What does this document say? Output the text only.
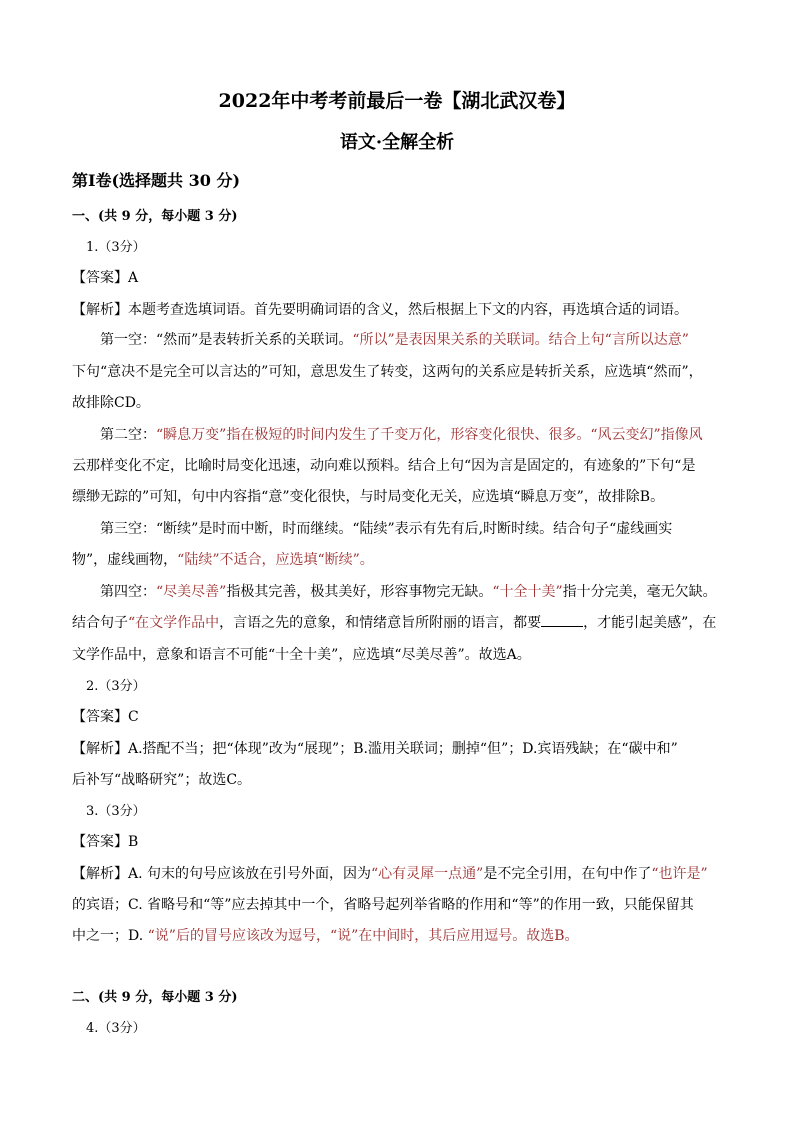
2022年中考考前最后一卷【湖北武汉卷】
语文·全解全析
第I卷(选择题共 30 分)
一、(共 9 分，每小题 3 分)
1.（3分）
【答案】A
【解析】本题考查选填词语。首先要明确词语的含义，然后根据上下文的内容，再选填合适的词语。
第一空：“然而”是表转折关系的关联词。“所以”是表因果关系的关联词。结合上句“言所以达意”
下句“意决不是完全可以言达的”可知，意思发生了转变，这两句的关系应是转折关系，应选填“然而”，
故排除CD。
第二空：“瞬息万变”指在极短的时间内发生了千变万化，形容变化很快、很多。“风云变幻”指像风
云那样变化不定，比喻时局变化迅速，动向难以预料。结合上句“因为言是固定的，有迹象的”下句“是
缥缈无踪的”可知，句中内容指“意”变化很快，与时局变化无关，应选填“瞬息万变”，故排除B。
第三空：“断续”是时而中断，时而继续。“陆续”表示有先有后,时断时续。结合句子“虚线画实
物”，虚线画物，“陆续”不适合，应选填“断续”。
第四空：“尽美尽善”指极其完善，极其美好，形容事物完无缺。“十全十美”指十分完美，毫无欠缺。
结合句子“在文学作品中，言语之先的意象，和情绪意旨所附丽的语言，都要	，才能引起美感”，在
文学作品中，意象和语言不可能“十全十美”，应选填“尽美尽善”。故选A。
2.（3分）
【答案】C
【解析】A.搭配不当；把“体现”改为“展现”；B.滥用关联词；删掉“但”；D.宾语残缺；在“碳中和”
后补写“战略研究”；故选C。
3.（3分）
【答案】B
【解析】A. 句末的句号应该放在引号外面，因为“心有灵犀一点通”是不完全引用，在句中作了“也许是”
的宾语；C. 省略号和“等”应去掉其中一个，省略号起列举省略的作用和“等”的作用一致，只能保留其
中之一；D. “说”后的冒号应该改为逗号，“说”在中间时，其后应用逗号。故选B。
二、(共 9 分，每小题 3 分)
4.（3分）
